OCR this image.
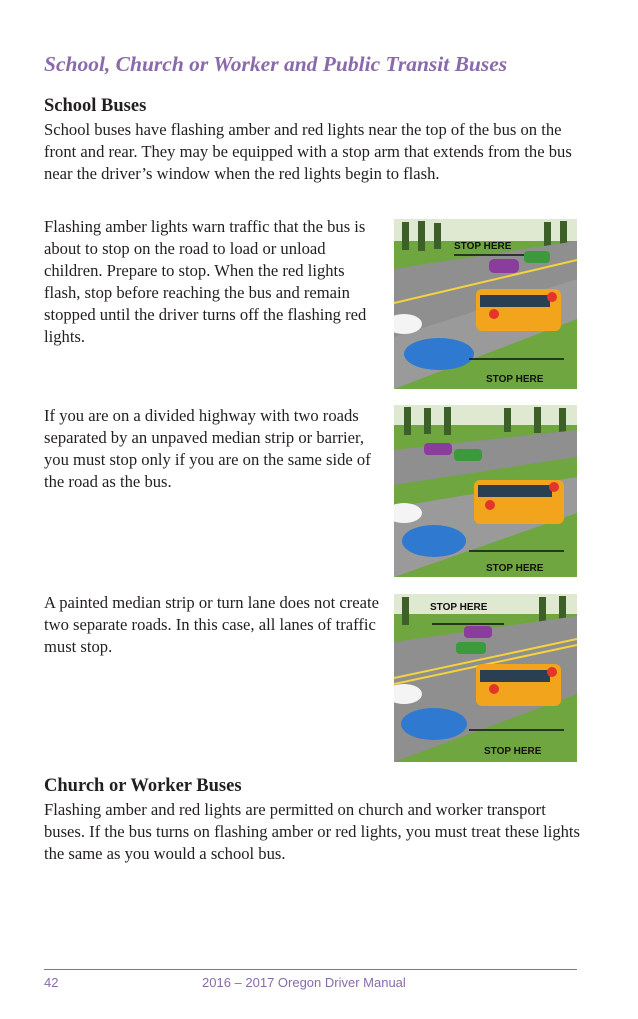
School, Church or Worker and Public Transit Buses
School Buses

School buses have flashing amber and red lights near the top of the bus on the front and rear. They may be equipped with a stop arm that extends from the bus near the driver’s window when the red lights begin to flash.

Flashing amber lights warn traffic that the bus is about to stop on the road to load or unload children. Prepare to stop. When the red lights flash, stop before reaching the bus and remain stopped until the driver turns off the flashing red lights.

STOP HERE
STOP HERE

If you are on a divided highway with two roads separated by an unpaved median strip or barrier, you must stop only if you are on the same side of the road as the bus.

STOP HERE

A painted median strip or turn lane does not create two separate roads. In this case, all lanes of traffic must stop.

STOP HERE
STOP HERE
Church or Worker Buses

Flashing amber and red lights are permitted on church and worker transport buses. If the bus turns on flashing amber or red lights, you must treat these lights the same as you would a school bus.

42	2016 – 2017 Oregon Driver Manual
